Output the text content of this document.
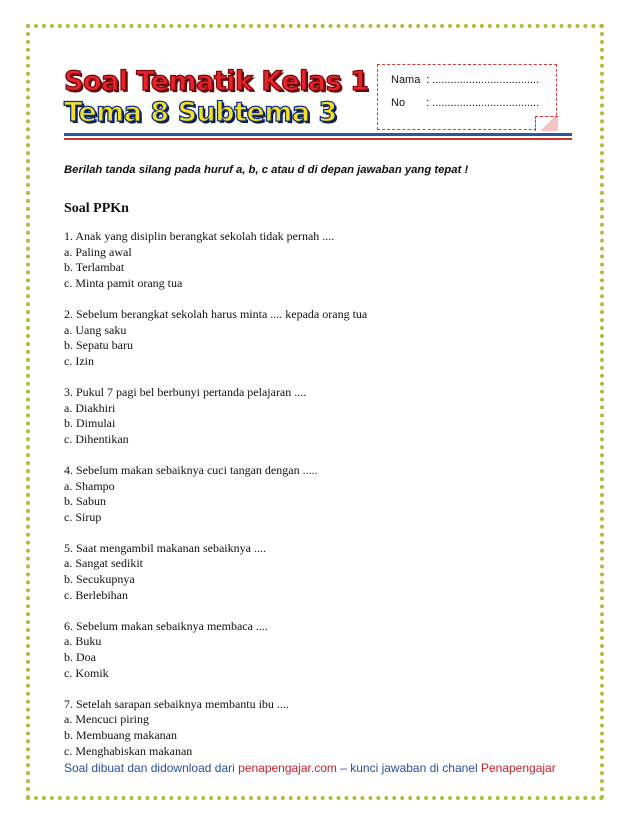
Soal Tematik Kelas 1
Tema 8 Subtema 3
Nama : ...................................
No : ...................................
Berilah tanda silang pada huruf a, b, c atau d di depan jawaban yang tepat !
Soal PPKn
1. Anak yang disiplin berangkat sekolah tidak pernah ....
a. Paling awal
b. Terlambat
c. Minta pamit orang tua
2. Sebelum berangkat sekolah harus minta .... kepada orang tua
a. Uang saku
b. Sepatu baru
c. Izin
3. Pukul 7 pagi bel berbunyi pertanda pelajaran ....
a. Diakhiri
b. Dimulai
c. Dihentikan
4. Sebelum makan sebaiknya cuci tangan dengan .....
a. Shampo
b. Sabun
c. Sirup
5. Saat mengambil makanan sebaiknya ....
a. Sangat sedikit
b. Secukupnya
c. Berlebihan
6. Sebelum makan sebaiknya membaca ....
a. Buku
b. Doa
c. Komik
7. Setelah sarapan sebaiknya membantu ibu ....
a. Mencuci piring
b. Membuang makanan
c. Menghabiskan makanan
Soal dibuat dan didownload dari penapengajar.com – kunci jawaban di chanel Penapengajar
